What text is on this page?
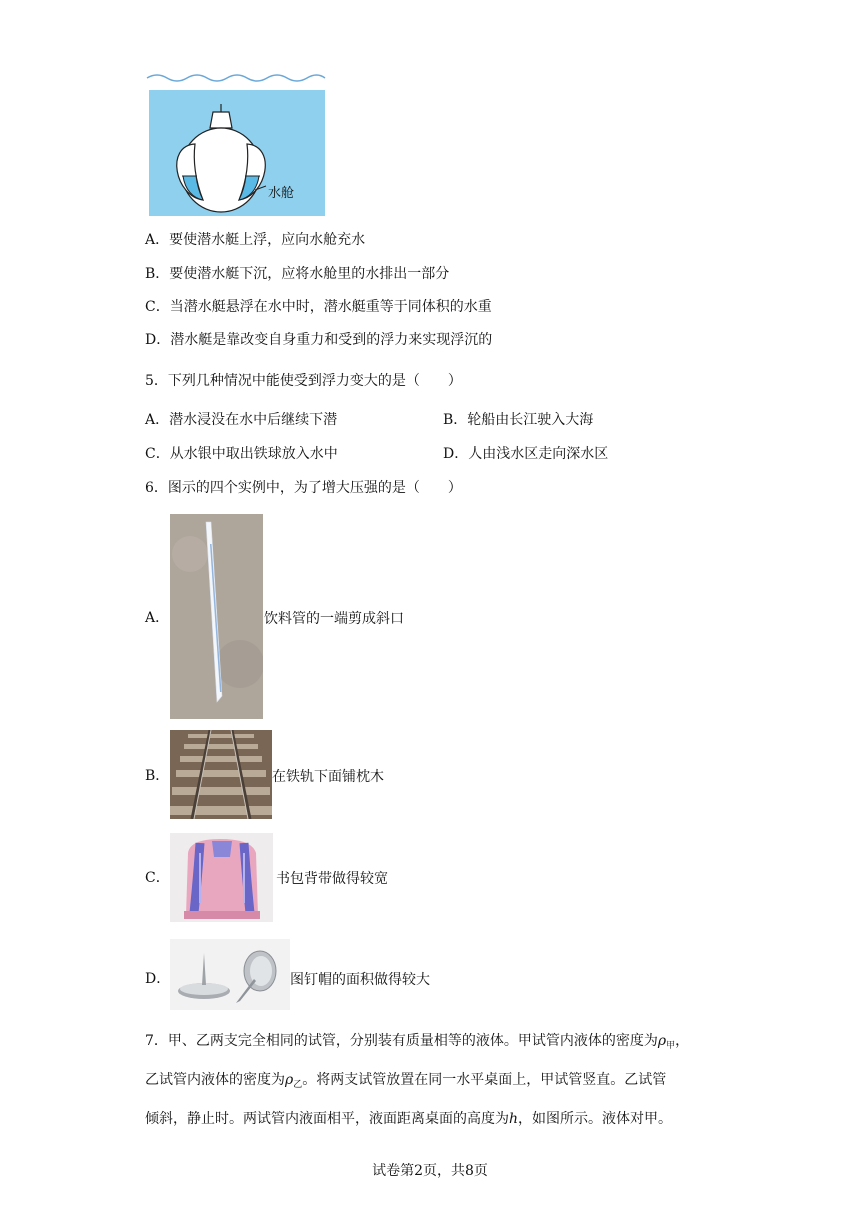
水舱
A．要使潜水艇上浮，应向水舱充水
B．要使潜水艇下沉，应将水舱里的水排出一部分
C．当潜水艇悬浮在水中时，潜水艇重等于同体积的水重
D．潜水艇是靠改变自身重力和受到的浮力来实现浮沉的
5．下列几种情况中能使受到浮力变大的是（　　）
A．潜水浸没在水中后继续下潜	B．轮船由长江驶入大海
C．从水银中取出铁球放入水中	D．人由浅水区走向深水区
6．图示的四个实例中，为了增大压强的是（　　）
A．	饮料管的一端剪成斜口
B．	在铁轨下面铺枕木
C．	书包背带做得较宽
D．	图钉帽的面积做得较大
7．甲、乙两支完全相同的试管，分别装有质量相等的液体。甲试管内液体的密度为$\rho_甲$，
乙试管内液体的密度为$\rho_乙$。将两支试管放置在同一水平桌面上，甲试管竖直。乙试管
倾斜，静止时。两试管内液面相平，液面距离桌面的高度为h，如图所示。液体对甲。
试卷第2页，共8页
